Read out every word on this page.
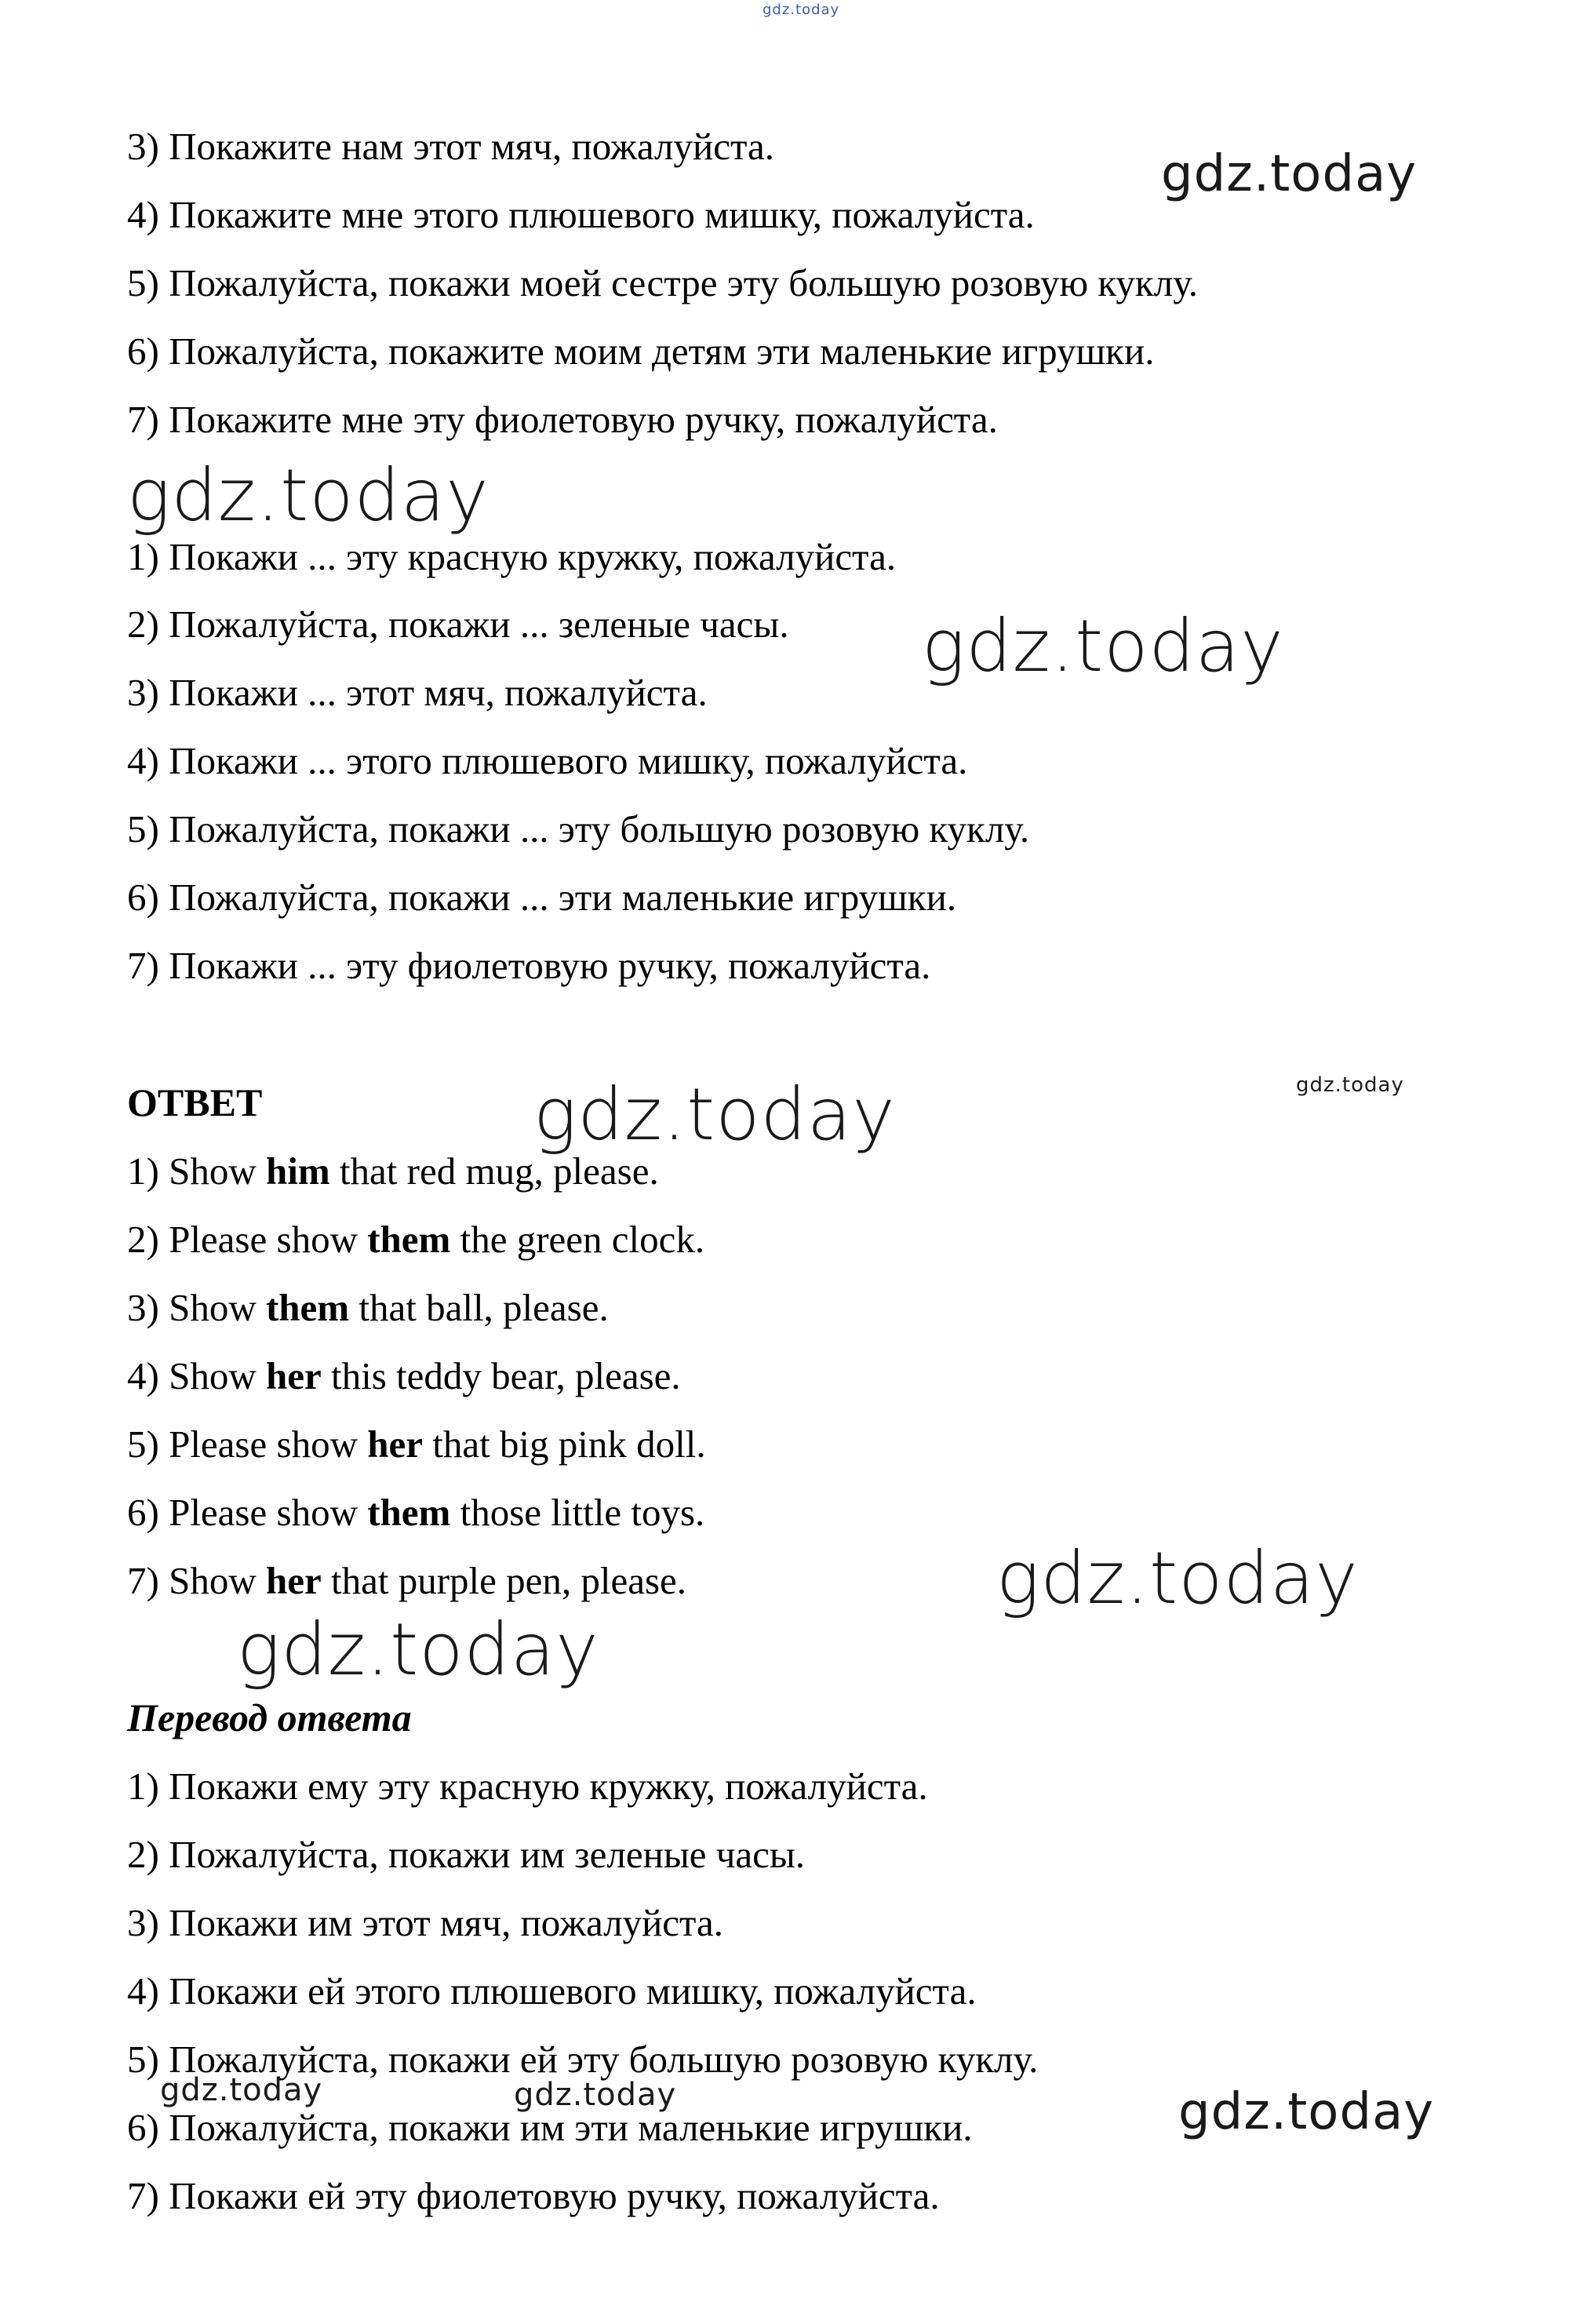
gdz.today
3) Покажите нам этот мяч, пожалуйста.
4) Покажите мне этого плюшевого мишку, пожалуйста.
5) Пожалуйста, покажи моей сестре эту большую розовую куклу.
6) Пожалуйста, покажите моим детям эти маленькие игрушки.
7) Покажите мне эту фиолетовую ручку, пожалуйста.
gdz.today
gdz.today
1) Покажи ... эту красную кружку, пожалуйста.
2) Пожалуйста, покажи ... зеленые часы.
3) Покажи ... этот мяч, пожалуйста.
4) Покажи ... этого плюшевого мишку, пожалуйста.
5) Пожалуйста, покажи ... эту большую розовую куклу.
6) Пожалуйста, покажи ... эти маленькие игрушки.
7) Покажи ... эту фиолетовую ручку, пожалуйста.
gdz.today
ОТВЕТ	gdz.today	gdz.today
1) Show him that red mug, please.
2) Please show them the green clock.
3) Show them that ball, please.
4) Show her this teddy bear, please.
5) Please show her that big pink doll.
6) Please show them those little toys.
7) Show her that purple pen, please.	gdz.today
gdz.today
Перевод ответа
1) Покажи ему эту красную кружку, пожалуйста.
2) Пожалуйста, покажи им зеленые часы.
3) Покажи им этот мяч, пожалуйста.
4) Покажи ей этого плюшевого мишку, пожалуйста.
5) Пожалуйста, покажи ей эту большую розовую куклу.
6) Пожалуйста, покажи им эти маленькие игрушки.
7) Покажи ей эту фиолетовую ручку, пожалуйста.
gdz.today	gdz.today	gdz.today
